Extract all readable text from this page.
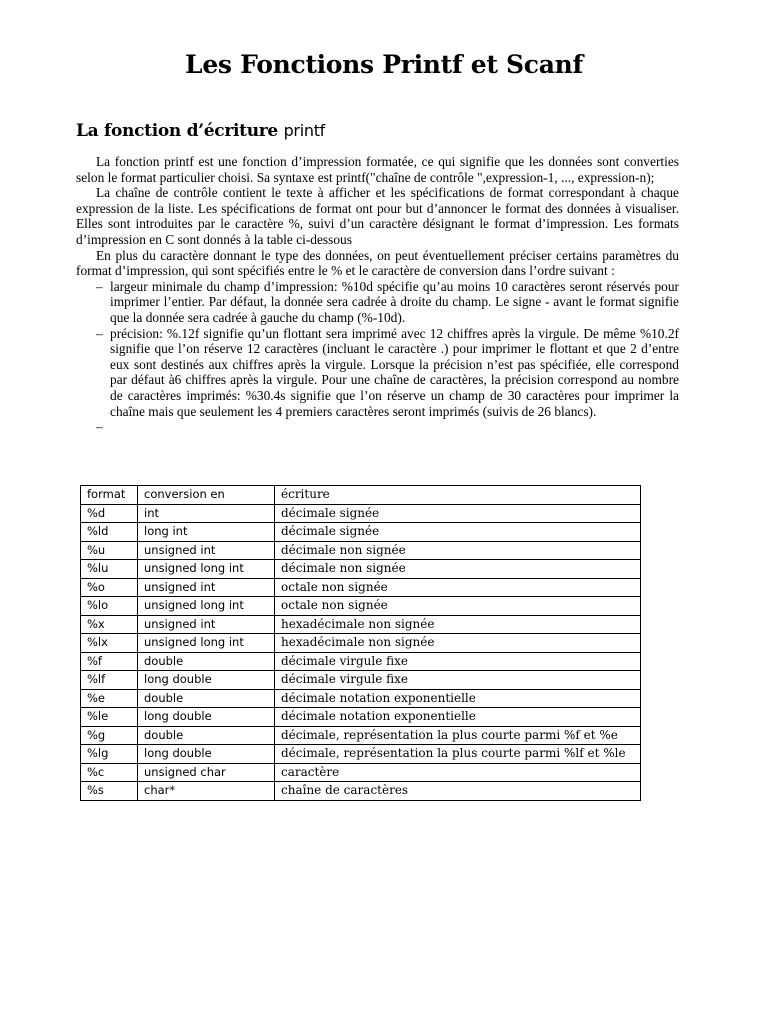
Les Fonctions Printf et Scanf
La fonction d’écriture printf

La fonction printf est une fonction d’impression formatée, ce qui signifie que les données sont converties selon le format particulier choisi. Sa syntaxe est printf("chaîne de contrôle ",expression-1, ..., expression-n);

La chaîne de contrôle contient le texte à afficher et les spécifications de format correspondant à chaque expression de la liste. Les spécifications de format ont pour but d’annoncer le format des données à visualiser. Elles sont introduites par le caractère %, suivi d’un caractère désignant le format d’impression. Les formats d’impression en C sont donnés à la table ci-dessous

En plus du caractère donnant le type des données, on peut éventuellement préciser certains paramètres du format d’impression, qui sont spécifiés entre le % et le caractère de conversion dans l’ordre suivant :

– largeur minimale du champ d’impression: %10d spécifie qu’au moins 10 caractères seront réservés pour imprimer l’entier. Par défaut, la donnée sera cadrée à droite du champ. Le signe - avant le format signifie que la donnée sera cadrée à gauche du champ (%-10d).
– précision: %.12f signifie qu’un flottant sera imprimé avec 12 chiffres après la virgule. De même %10.2f signifie que l’on réserve 12 caractères (incluant le caractère .) pour imprimer le flottant et que 2 d’entre eux sont destinés aux chiffres après la virgule. Lorsque la précision n’est pas spécifiée, elle correspond par défaut à6 chiffres après la virgule. Pour une chaîne de caractères, la précision correspond au nombre de caractères imprimés: %30.4s signifie que l’on réserve un champ de 30 caractères pour imprimer la chaîne mais que seulement les 4 premiers caractères seront imprimés (suivis de 26 blancs).
–
format	conversion en	écriture
%d	int	décimale signée
%ld	long int	décimale signée
%u	unsigned int	décimale non signée
%lu	unsigned long int	décimale non signée
%o	unsigned int	octale non signée
%lo	unsigned long int	octale non signée
%x	unsigned int	hexadécimale non signée
%lx	unsigned long int	hexadécimale non signée
%f	double	décimale virgule fixe
%lf	long double	décimale virgule fixe
%e	double	décimale notation exponentielle
%le	long double	décimale notation exponentielle
%g	double	décimale, représentation la plus courte parmi %f et %e
%lg	long double	décimale, représentation la plus courte parmi %lf et %le
%c	unsigned char	caractère
%s	char*	chaîne de caractères
